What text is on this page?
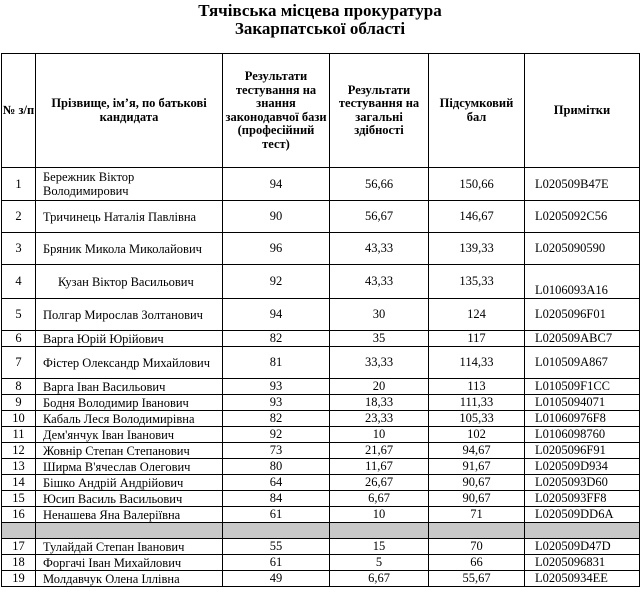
Тячівська місцева прокуратура
Закарпатської області
№ з/п	Прізвище, ім’я, по батькові кандидата	Результати тестування на знання законодавчої бази (професійний тест)	Результати тестування на загальні здібності	Підсумковий бал	Примітки
1	Бережник Віктор Володимирович	94	56,66	150,66	L020509B47E
2	Тричинець Наталія Павлівна	90	56,67	146,67	L0205092C56
3	Бряник Микола Миколайович	96	43,33	139,33	L0205090590
4	Кузан Віктор Васильович	92	43,33	135,33	L0106093A16
5	Полгар Мирослав Золтанович	94	30	124	L0205096F01
6	Варга Юрій Юрійович	82	35	117	L020509ABC7
7	Фістер Олександр Михайлович	81	33,33	114,33	L010509A867
8	Варга Іван Васильович	93	20	113	L010509F1CC
9	Бодня Володимир Іванович	93	18,33	111,33	L0105094071
10	Кабаль Леся Володимирівна	82	23,33	105,33	L01060976F8
11	Дем'янчук Іван Іванович	92	10	102	L0106098760
12	Жовнір Степан Степанович	73	21,67	94,67	L0205096F91
13	Ширма В'ячеслав Олегович	80	11,67	91,67	L020509D934
14	Бішко Андрій Андрійович	64	26,67	90,67	L0205093D60
15	Юсип Василь Васильович	84	6,67	90,67	L0205093FF8
16	Ненашева Яна Валеріївна	61	10	71	L020509DD6A

17	Тулайдай Степан Іванович	55	15	70	L020509D47D
18	Форгачі Іван Михайлович	61	5	66	L0205096831
19	Молдавчук Олена Іллівна	49	6,67	55,67	L02050934EE
